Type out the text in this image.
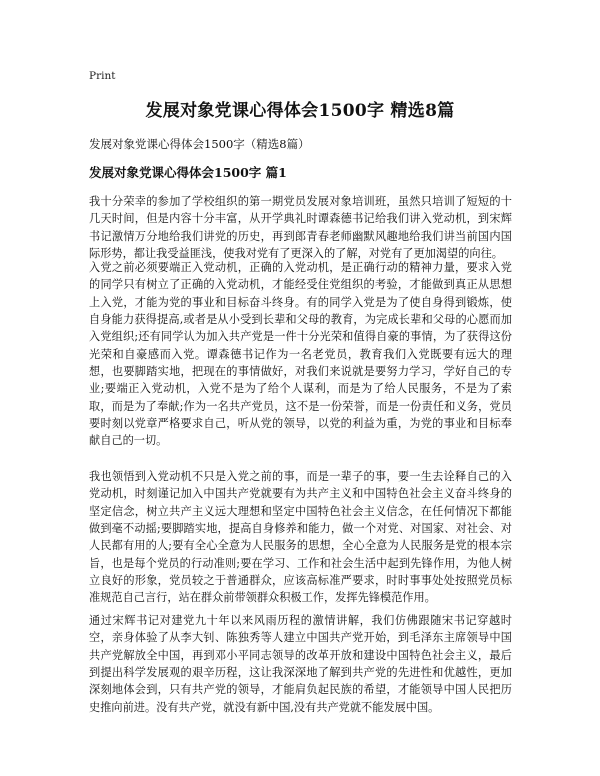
Print
发展对象党课心得体会1500字 精选8篇
发展对象党课心得体会1500字（精选8篇）
发展对象党课心得体会1500字 篇1

我十分荣幸的参加了学校组织的第一期党员发展对象培训班，虽然只培训了短短的十几天时间，但是内容十分丰富，从开学典礼时谭森德书记给我们讲入党动机，到宋辉书记激情万分地给我们讲党的历史，再到郎青春老师幽默风趣地给我们讲当前国内国际形势，都让我受益匪浅，使我对党有了更深入的了解，对党有了更加渴望的向往。

入党之前必须要端正入党动机，正确的入党动机，是正确行动的精神力量，要求入党的同学只有树立了正确的入党动机，才能经受住党组织的考验，才能做到真正从思想上入党，才能为党的事业和目标奋斗终身。有的同学入党是为了使自身得到锻炼，使自身能力获得提高,或者是从小受到长辈和父母的教育，为完成长辈和父母的心愿而加入党组织;还有同学认为加入共产党是一件十分光荣和值得自豪的事情，为了获得这份光荣和自豪感而入党。谭森德书记作为一名老党员，教育我们入党既要有远大的理想，也要脚踏实地，把现在的事情做好，对我们来说就是要努力学习，学好自己的专业;要端正入党动机，入党不是为了给个人谋利，而是为了给人民服务，不是为了索取，而是为了奉献;作为一名共产党员，这不是一份荣誉，而是一份责任和义务，党员要时刻以党章严格要求自己，听从党的领导，以党的利益为重，为党的事业和目标奉献自己的一切。

我也领悟到入党动机不只是入党之前的事，而是一辈子的事，要一生去诠释自己的入党动机，时刻谨记加入中国共产党就要有为共产主义和中国特色社会主义奋斗终身的坚定信念，树立共产主义远大理想和坚定中国特色社会主义信念，在任何情况下都能做到毫不动摇;要脚踏实地，提高自身修养和能力，做一个对党、对国家、对社会、对人民都有用的人;要有全心全意为人民服务的思想，全心全意为人民服务是党的根本宗旨，也是每个党员的行动准则;要在学习、工作和社会生活中起到先锋作用，为他人树立良好的形象，党员较之于普通群众，应该高标准严要求，时时事事处处按照党员标准规范自己言行，站在群众前带领群众积极工作，发挥先锋模范作用。

通过宋辉书记对建党九十年以来风雨历程的激情讲解，我们仿佛跟随宋书记穿越时空，亲身体验了从李大钊、陈独秀等人建立中国共产党开始，到毛泽东主席领导中国共产党解放全中国，再到邓小平同志领导的改革开放和建设中国特色社会主义，最后到提出科学发展观的艰辛历程，这让我深深地了解到共产党的先进性和优越性，更加深刻地体会到，只有共产党的领导，才能肩负起民族的希望，才能领导中国人民把历史推向前进。没有共产党，就没有新中国,没有共产党就不能发展中国。
